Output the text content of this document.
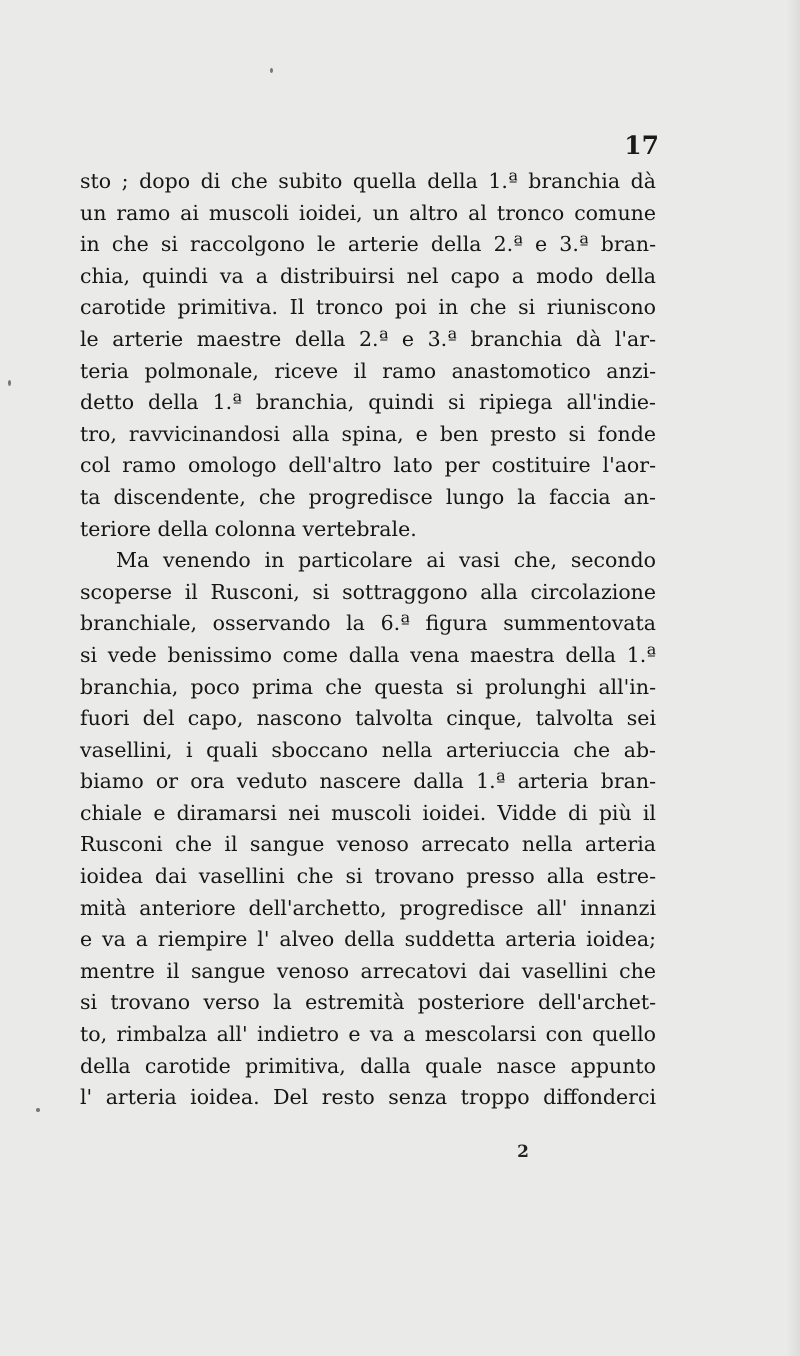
17
sto ; dopo di che subito quella della 1.ª branchia dà
un ramo ai muscoli ioidei, un altro al tronco comune
in che si raccolgono le arterie della 2.ª e 3.ª bran-
chia, quindi va a distribuirsi nel capo a modo della
carotide primitiva. Il tronco poi in che si riuniscono
le arterie maestre della 2.ª e 3.ª branchia dà l'ar-
teria polmonale, riceve il ramo anastomotico anzi-
detto della 1.ª branchia, quindi si ripiega all'indie-
tro, ravvicinandosi alla spina, e ben presto si fonde
col ramo omologo dell'altro lato per costituire l'aor-
ta discendente, che progredisce lungo la faccia an-
teriore della colonna vertebrale.
Ma venendo in particolare ai vasi che, secondo
scoperse il Rusconi, si sottraggono alla circolazione
branchiale, osservando la 6.ª figura summentovata
si vede benissimo come dalla vena maestra della 1.ª
branchia, poco prima che questa si prolunghi all'in-
fuori del capo, nascono talvolta cinque, talvolta sei
vasellini, i quali sboccano nella arteriuccia che ab-
biamo or ora veduto nascere dalla 1.ª arteria bran-
chiale e diramarsi nei muscoli ioidei. Vidde di più il
Rusconi che il sangue venoso arrecato nella arteria
ioidea dai vasellini che si trovano presso alla estre-
mità anteriore dell'archetto, progredisce all' innanzi
e va a riempire l' alveo della suddetta arteria ioidea;
mentre il sangue venoso arrecatovi dai vasellini che
si trovano verso la estremità posteriore dell'archet-
to, rimbalza all' indietro e va a mescolarsi con quello
della carotide primitiva, dalla quale nasce appunto
l' arteria ioidea. Del resto senza troppo diffonderci
2
